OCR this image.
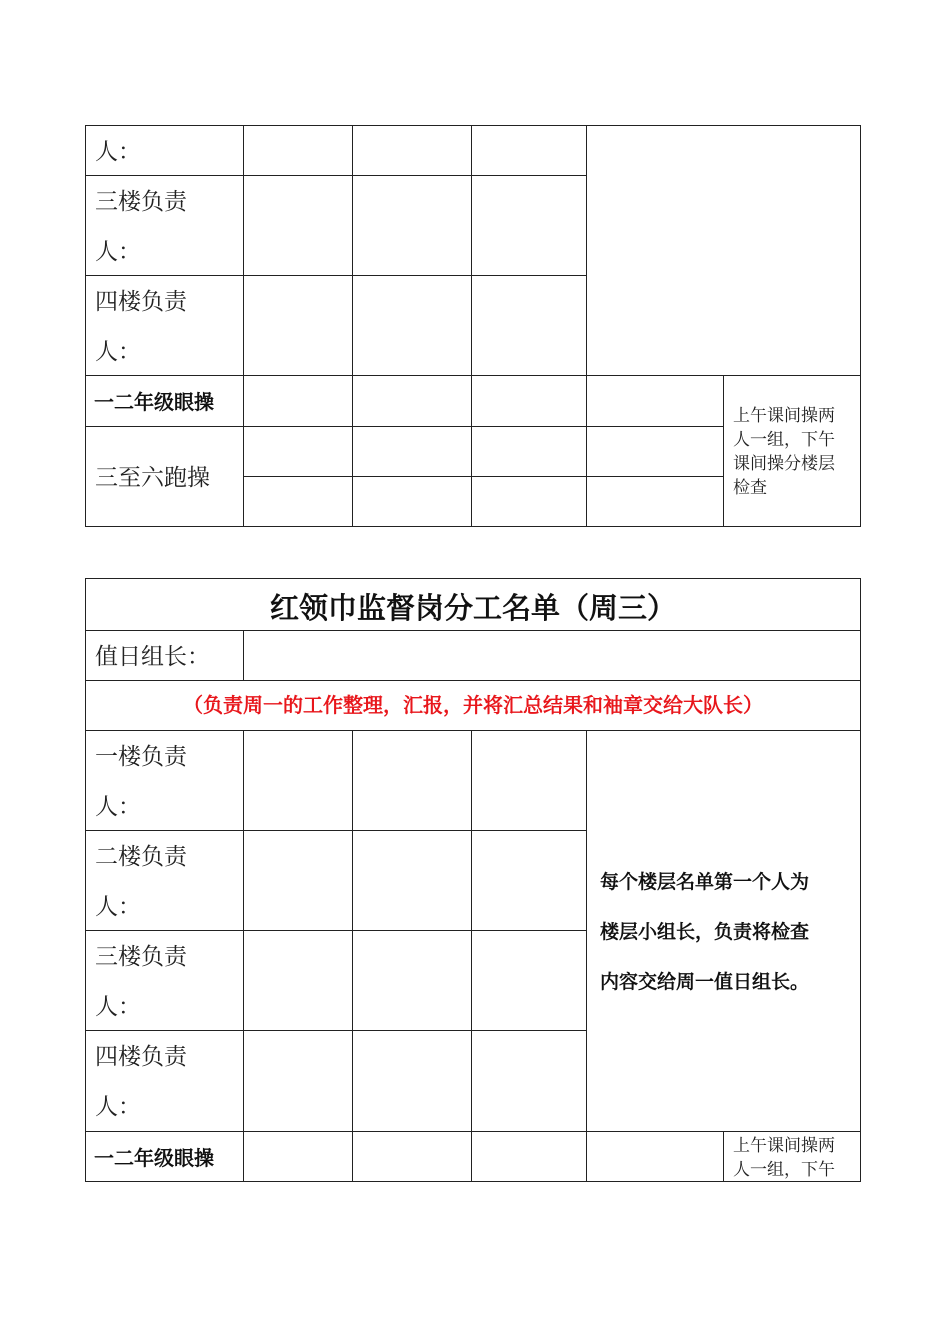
人：
三楼负责
人：
四楼负责
人：
一二年级眼操
三至六跑操
上午课间操两
人一组，下午
课间操分楼层
检查
红领巾监督岗分工名单（周三）
值日组长：
（负责周一的工作整理，汇报，并将汇总结果和袖章交给大队长）
一楼负责
人：
二楼负责
人：
三楼负责
人：
四楼负责
人：
每个楼层名单第一个人为
楼层小组长，负责将检查
内容交给周一值日组长。
一二年级眼操	上午课间操两
人一组，下午
